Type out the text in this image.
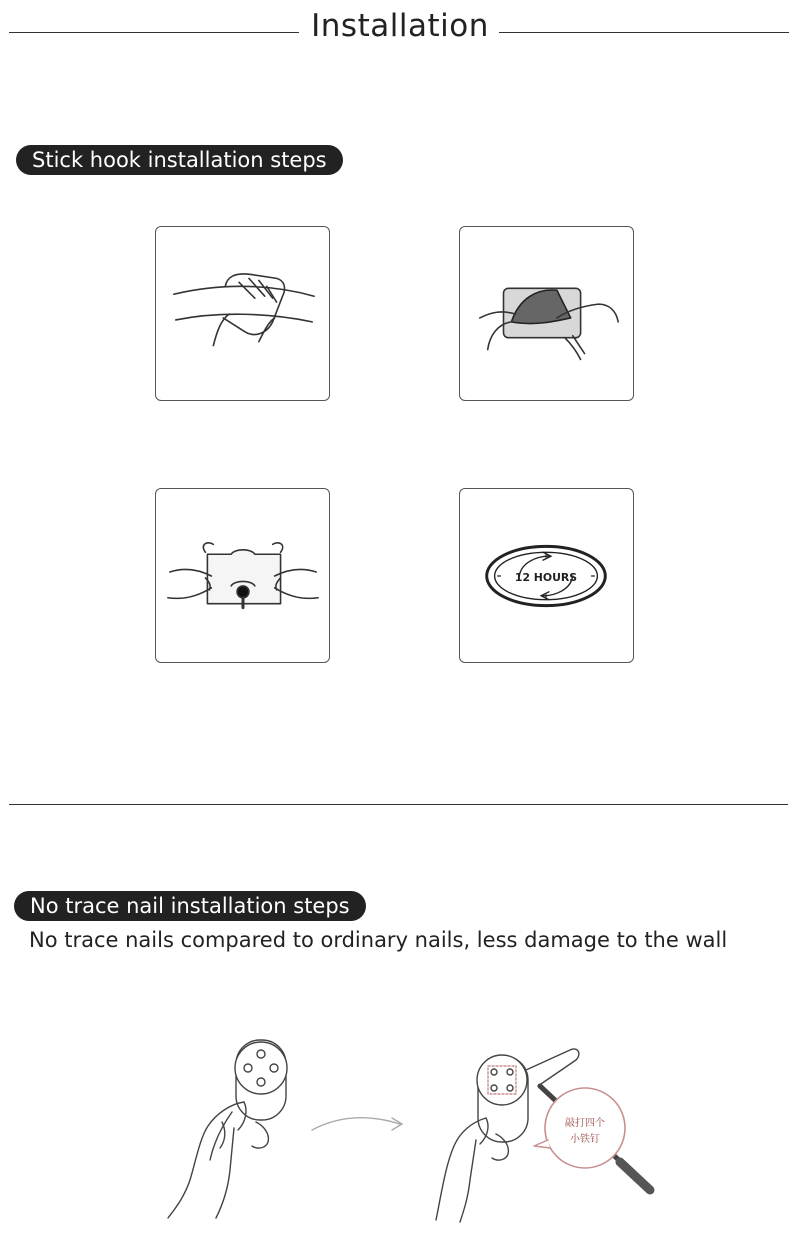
Installation
Stick hook installation steps
12 HOURS
No trace nail installation steps
No trace nails compared to ordinary nails, less damage to the wall
敲打四个
小铁钉
